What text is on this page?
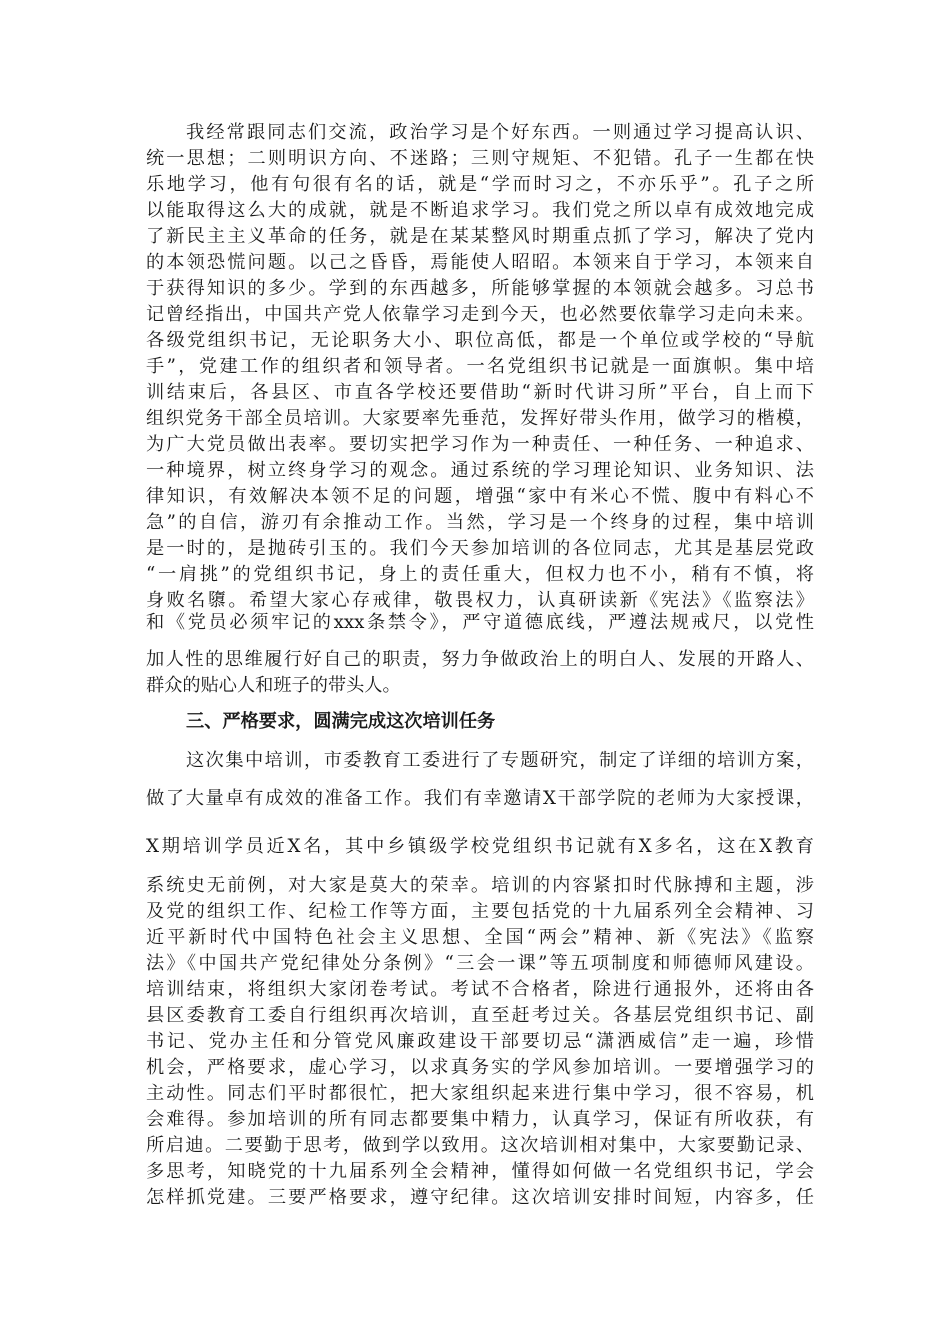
我经常跟同志们交流，政治学习是个好东西。一则通过学习提高认识、
统一思想；二则明识方向、不迷路；三则守规矩、不犯错。孔子一生都在快
乐地学习，他有句很有名的话，就是“学而时习之，不亦乐乎”。孔子之所
以能取得这么大的成就，就是不断追求学习。我们党之所以卓有成效地完成
了新民主主义革命的任务，就是在某某整风时期重点抓了学习，解决了党内
的本领恐慌问题。以己之昏昏，焉能使人昭昭。本领来自于学习，本领来自
于获得知识的多少。学到的东西越多，所能够掌握的本领就会越多。习总书
记曾经指出，中国共产党人依靠学习走到今天，也必然要依靠学习走向未来。
各级党组织书记，无论职务大小、职位高低，都是一个单位或学校的“导航
手”，党建工作的组织者和领导者。一名党组织书记就是一面旗帜。集中培
训结束后，各县区、市直各学校还要借助“新时代讲习所”平台，自上而下
组织党务干部全员培训。大家要率先垂范，发挥好带头作用，做学习的楷模，
为广大党员做出表率。要切实把学习作为一种责任、一种任务、一种追求、
一种境界，树立终身学习的观念。通过系统的学习理论知识、业务知识、法
律知识，有效解决本领不足的问题，增强“家中有米心不慌、腹中有料心不
急”的自信，游刃有余推动工作。当然，学习是一个终身的过程，集中培训
是一时的，是抛砖引玉的。我们今天参加培训的各位同志，尤其是基层党政
“一肩挑”的党组织书记，身上的责任重大，但权力也不小，稍有不慎，将
身败名隳。希望大家心存戒律，敬畏权力，认真研读新《宪法》《监察法》
和《党员必须牢记的xxx条禁令》，严守道德底线，严遵法规戒尺，以党性
加人性的思维履行好自己的职责，努力争做政治上的明白人、发展的开路人、
群众的贴心人和班子的带头人。
三、严格要求，圆满完成这次培训任务
这次集中培训，市委教育工委进行了专题研究，制定了详细的培训方案，
做了大量卓有成效的准备工作。我们有幸邀请X干部学院的老师为大家授课，
X期培训学员近X名，其中乡镇级学校党组织书记就有X多名，这在X教育
系统史无前例，对大家是莫大的荣幸。培训的内容紧扣时代脉搏和主题，涉
及党的组织工作、纪检工作等方面，主要包括党的十九届系列全会精神、习
近平新时代中国特色社会主义思想、全国“两会”精神、新《宪法》《监察
法》《中国共产党纪律处分条例》“三会一课”等五项制度和师德师风建设。
培训结束，将组织大家闭卷考试。考试不合格者，除进行通报外，还将由各
县区委教育工委自行组织再次培训，直至赶考过关。各基层党组织书记、副
书记、党办主任和分管党风廉政建设干部要切忌“潇洒威信”走一遍，珍惜
机会，严格要求，虚心学习，以求真务实的学风参加培训。一要增强学习的
主动性。同志们平时都很忙，把大家组织起来进行集中学习，很不容易，机
会难得。参加培训的所有同志都要集中精力，认真学习，保证有所收获，有
所启迪。二要勤于思考，做到学以致用。这次培训相对集中，大家要勤记录、
多思考，知晓党的十九届系列全会精神，懂得如何做一名党组织书记，学会
怎样抓党建。三要严格要求，遵守纪律。这次培训安排时间短，内容多，任
